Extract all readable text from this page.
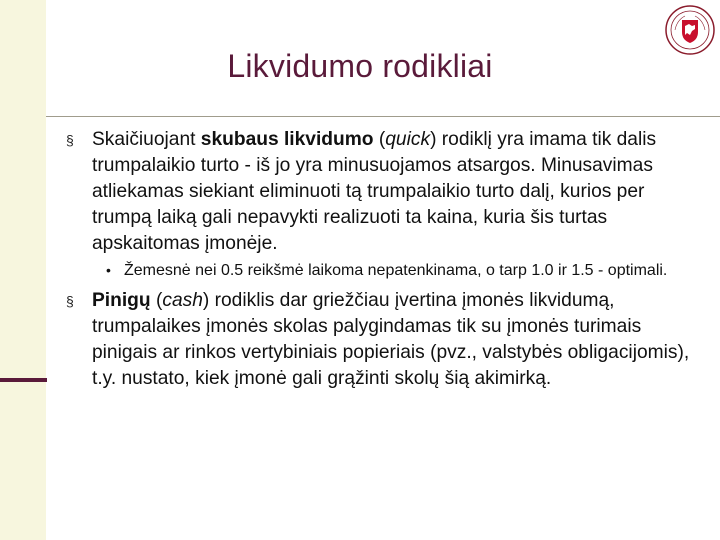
Likvidumo rodikliai
§ Skaičiuojant skubaus likvidumo (quick) rodiklį yra imama tik dalis trumpalaikio turto - iš jo yra minusuojamos atsargos. Minusavimas atliekamas siekiant eliminuoti tą trumpalaikio turto dalį, kurios per trumpą laiką gali nepavykti realizuoti ta kaina, kuria šis turtas apskaitomas įmonėje.
• Žemesnė nei 0.5 reikšmė laikoma nepatenkinama, o tarp 1.0 ir 1.5 - optimali.
§ Pinigų (cash) rodiklis dar griežčiau įvertina įmonės likvidumą, trumpalaikes įmonės skolas palygindamas tik su įmonės turimais pinigais ar rinkos vertybiniais popieriais (pvz., valstybės obligacijomis), t.y. nustato, kiek įmonė gali grąžinti skolų šią akimirką.
